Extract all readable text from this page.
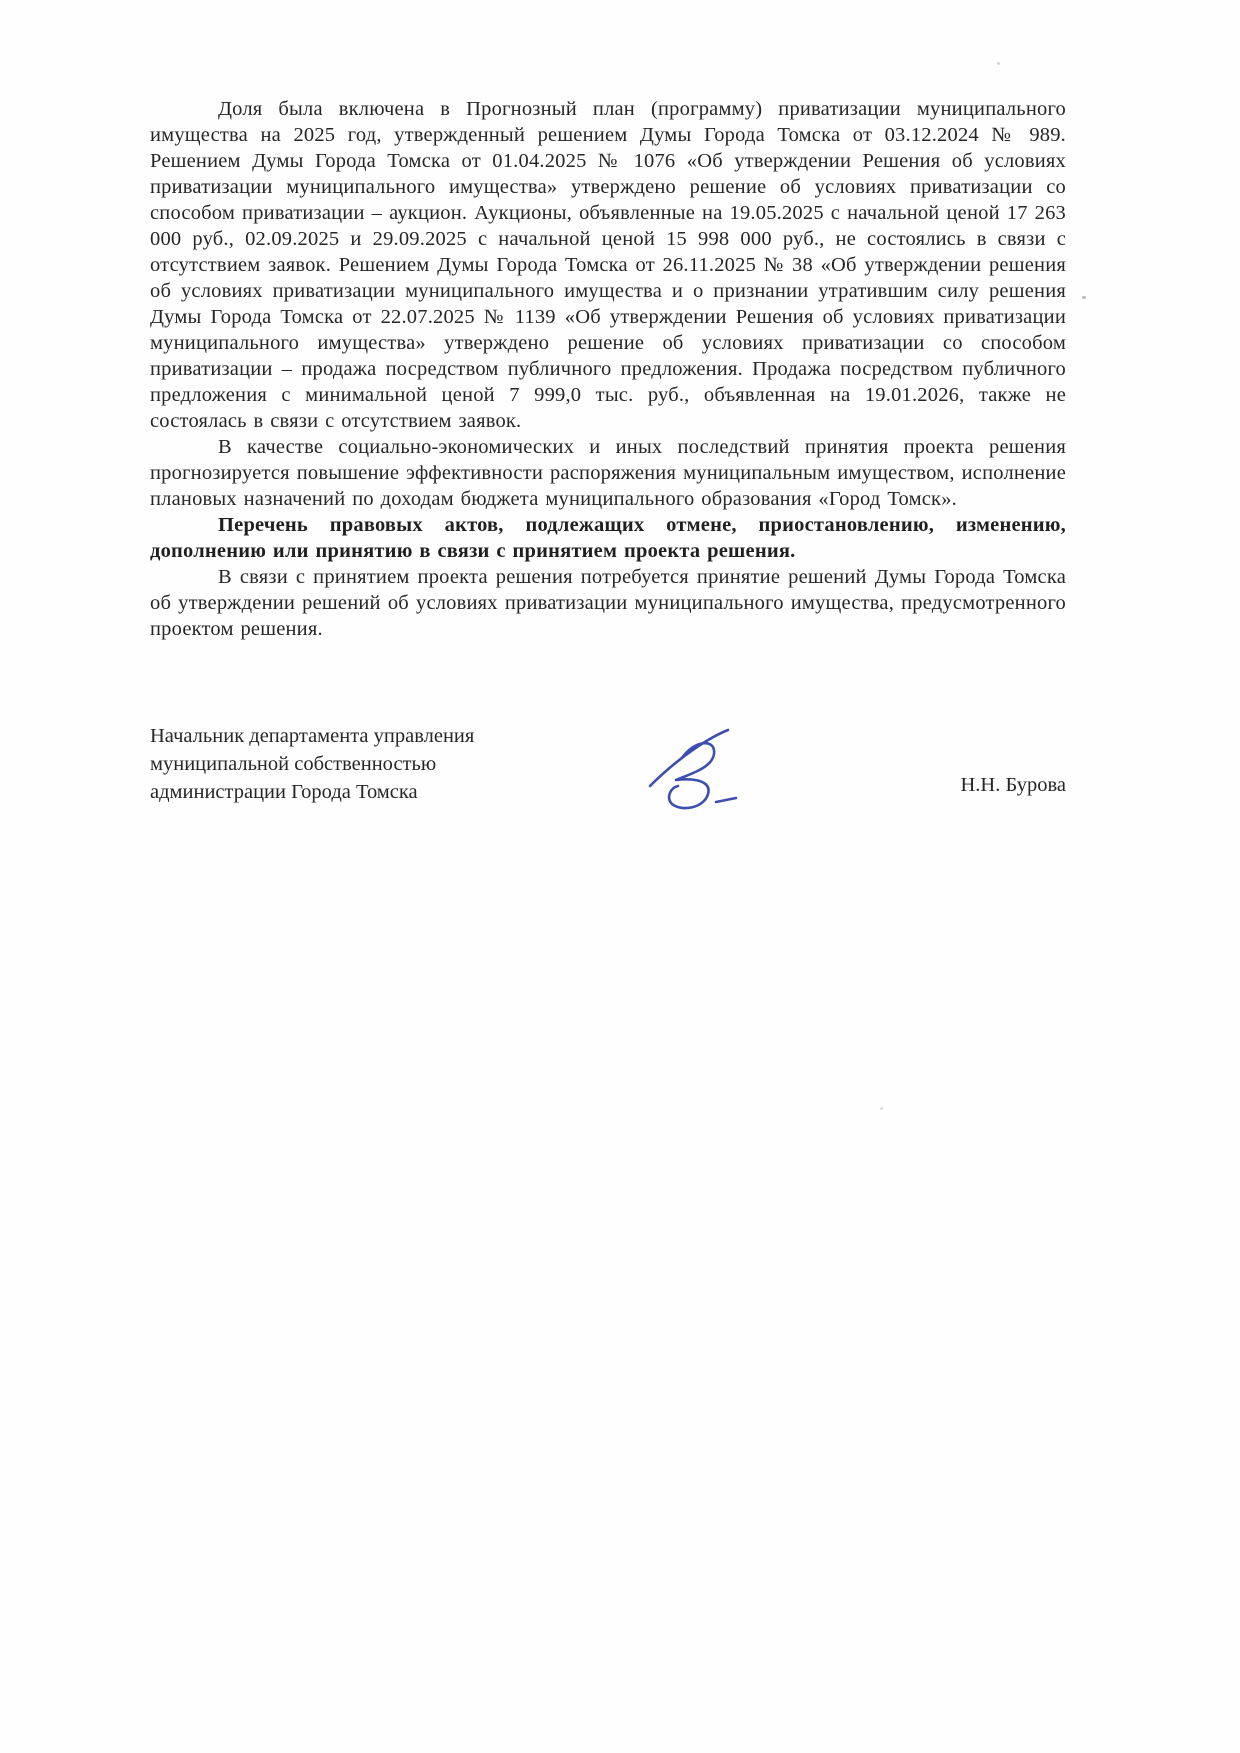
Доля была включена в Прогнозный план (программу) приватизации муниципального имущества на 2025 год, утвержденный решением Думы Города Томска от 03.12.2024 № 989. Решением Думы Города Томска от 01.04.2025 № 1076 «Об утверждении Решения об условиях приватизации муниципального имущества» утверждено решение об условиях приватизации со способом приватизации – аукцион. Аукционы, объявленные на 19.05.2025 с начальной ценой 17 263 000 руб., 02.09.2025 и 29.09.2025 с начальной ценой 15 998 000 руб., не состоялись в связи с отсутствием заявок. Решением Думы Города Томска от 26.11.2025 № 38 «Об утверждении решения об условиях приватизации муниципального имущества и о признании утратившим силу решения Думы Города Томска от 22.07.2025 № 1139 «Об утверждении Решения об условиях приватизации муниципального имущества» утверждено решение об условиях приватизации со способом приватизации – продажа посредством публичного предложения. Продажа посредством публичного предложения с минимальной ценой 7 999,0 тыс. руб., объявленная на 19.01.2026, также не состоялась в связи с отсутствием заявок.

В качестве социально-экономических и иных последствий принятия проекта решения прогнозируется повышение эффективности распоряжения муниципальным имуществом, исполнение плановых назначений по доходам бюджета муниципального образования «Город Томск».

Перечень правовых актов, подлежащих отмене, приостановлению, изменению, дополнению или принятию в связи с принятием проекта решения.

В связи с принятием проекта решения потребуется принятие решений Думы Города Томска об утверждении решений об условиях приватизации муниципального имущества, предусмотренного проектом решения.

Начальник департамента управления
муниципальной собственностью
администрации Города Томска	Н.Н. Бурова
